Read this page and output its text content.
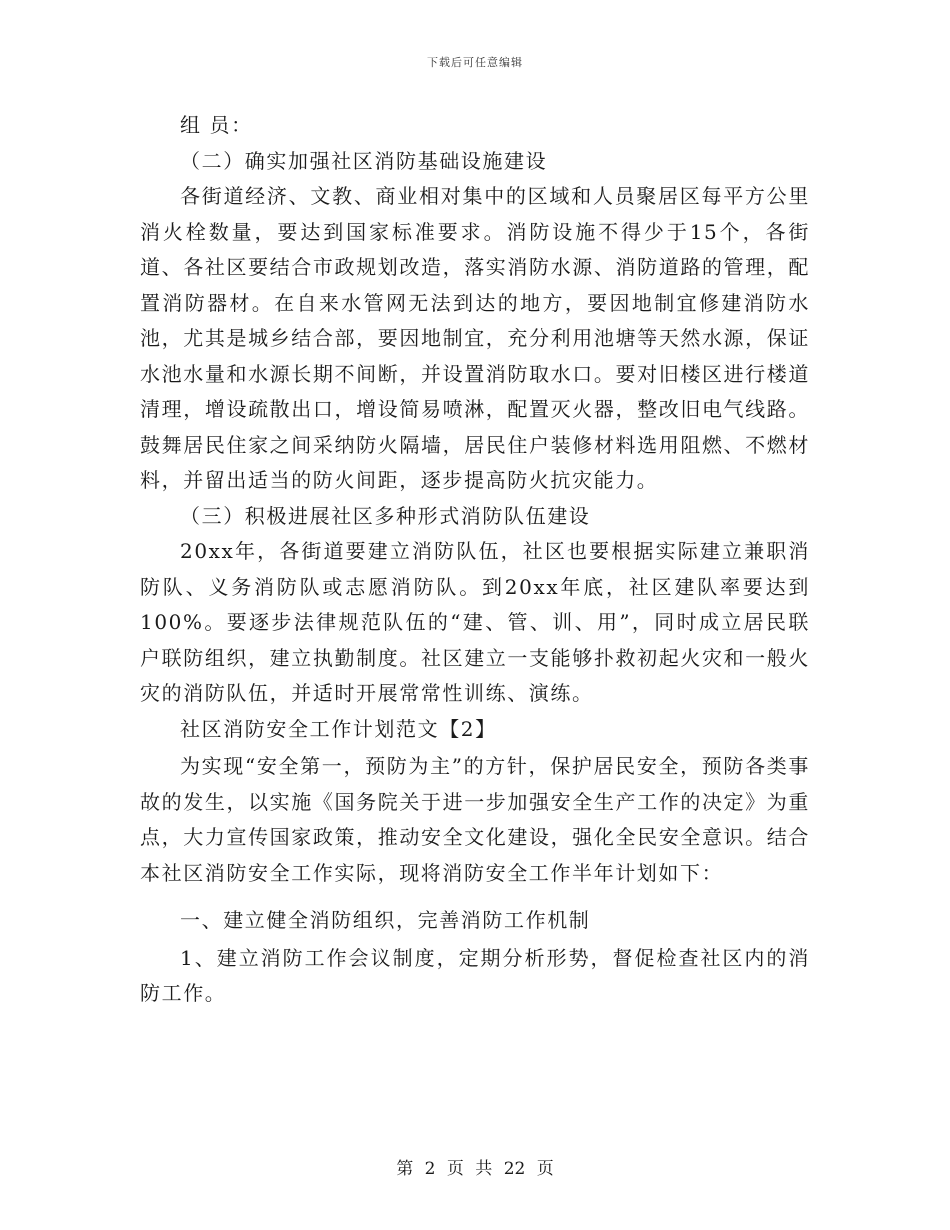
下载后可任意编辑

组 员：

（二）确实加强社区消防基础设施建设

各街道经济、文教、商业相对集中的区域和人员聚居区每平方公里消火栓数量，要达到国家标准要求。消防设施不得少于15个，各街道、各社区要结合市政规划改造，落实消防水源、消防道路的管理，配置消防器材。在自来水管网无法到达的地方，要因地制宜修建消防水池，尤其是城乡结合部，要因地制宜，充分利用池塘等天然水源，保证水池水量和水源长期不间断，并设置消防取水口。要对旧楼区进行楼道清理，增设疏散出口，增设简易喷淋，配置灭火器，整改旧电气线路。鼓舞居民住家之间采纳防火隔墙，居民住户装修材料选用阻燃、不燃材料，并留出适当的防火间距，逐步提高防火抗灾能力。

（三）积极进展社区多种形式消防队伍建设

20xx年，各街道要建立消防队伍，社区也要根据实际建立兼职消防队、义务消防队或志愿消防队。到20xx年底，社区建队率要达到100%。要逐步法律规范队伍的“建、管、训、用”，同时成立居民联户联防组织，建立执勤制度。社区建立一支能够扑救初起火灾和一般火灾的消防队伍，并适时开展常常性训练、演练。

社区消防安全工作计划范文【2】

为实现“安全第一，预防为主”的方针，保护居民安全，预防各类事故的发生，以实施《国务院关于进一步加强安全生产工作的决定》为重点，大力宣传国家政策，推动安全文化建设，强化全民安全意识。结合本社区消防安全工作实际，现将消防安全工作半年计划如下：

一、建立健全消防组织，完善消防工作机制

1、建立消防工作会议制度，定期分析形势，督促检查社区内的消防工作。

第 2 页 共 22 页
